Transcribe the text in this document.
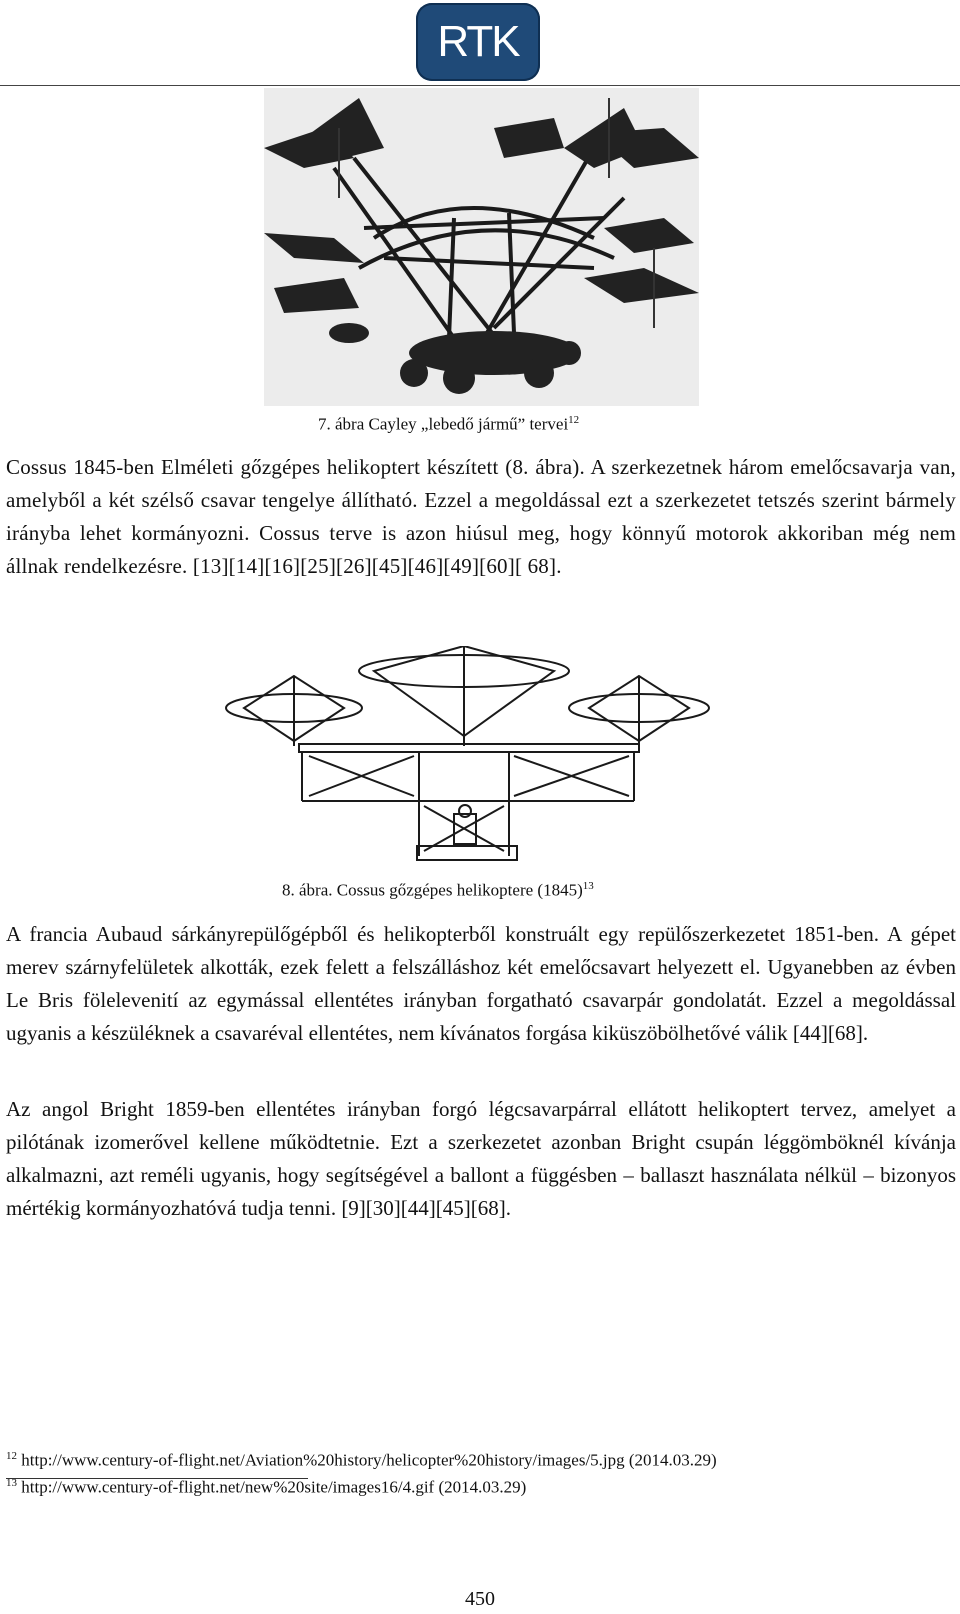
RTK
7. ábra Cayley „lebedő jármű” tervei$^{12}$
Cossus 1845-ben Elméleti gőzgépes helikoptert készített (8. ábra). A szerkezetnek három emelőcsavarja van, amelyből a két szélső csavar tengelye állítható. Ezzel a megoldással ezt a szerkezetet tetszés szerint bármely irányba lehet kormányozni. Cossus terve is azon hiúsul meg, hogy könnyű motorok akkoriban még nem állnak rendelkezésre. [13][14][16][25][26][45][46][49][60][ 68].
8. ábra. Cossus gőzgépes helikoptere $(1845)^{13}$
A francia Aubaud sárkányrepülőgépből és helikopterből konstruált egy repülőszerkezetet 1851-ben. A gépet merev szárnyfelületek alkották, ezek felett a felszálláshoz két emelőcsavart helyezett el. Ugyanebben az évben Le Bris fölelevenití az egymással ellentétes irányban forgatható csavarpár gondolatát. Ezzel a megoldással ugyanis a készüléknek a csavaréval ellentétes, nem kívánatos forgása kiküszöbölhetővé válik [44][68].
Az angol Bright 1859-ben ellentétes irányban forgó légcsavarpárral ellátott helikoptert tervez, amelyet a pilótának izomerővel kellene működtetnie. Ezt a szerkezetet azonban Bright csupán léggömböknél kívánja alkalmazni, azt reméli ugyanis, hogy segítségével a ballont a függésben – ballaszt használata nélkül – bizonyos mértékig kormányozhatóvá tudja tenni. [9][30][44][45][68].
$^{12}$ http://www.century-of-flight.net/Aviation%20history/helicopter%20history/images/5.jpg (2014.03.29)
$^{13}$ http://www.century-of-flight.net/new%20site/images16/4.gif (2014.03.29)
450
